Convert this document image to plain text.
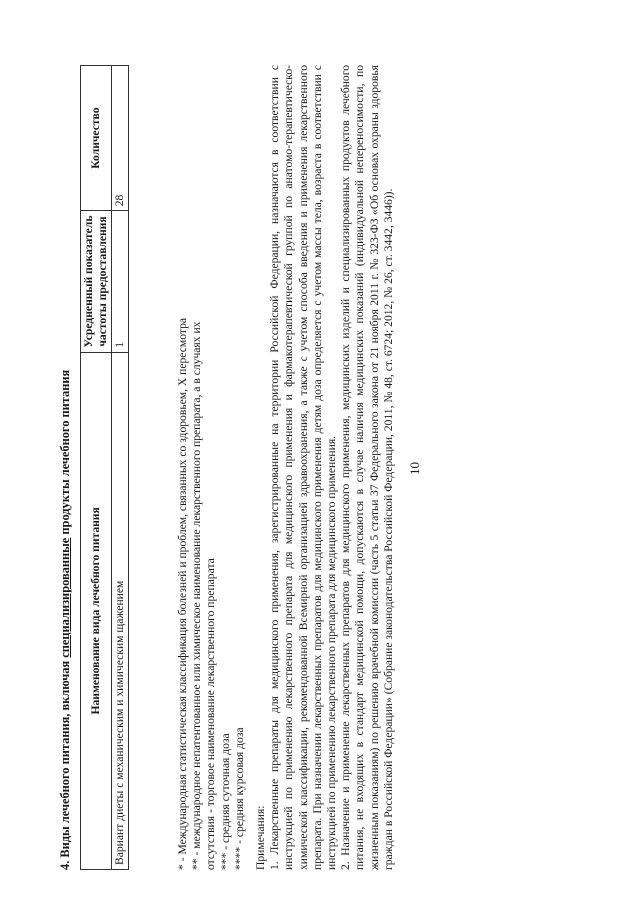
10
4. Виды лечебного питания, включая специализированные продукты лечебного питания
Наименование вида лечебного питания	Усредненный показатель частоты предоставления	Количество
Вариант диеты с механическим и химическим щажением	1	28
* - Международная статистическая классификация болезней и проблем, связанных со здоровьем, X пересмотра ** - международное непатентованное или химическое наименование лекарственного препарата, а в случаях их отсутствия - торговое наименование лекарственного препарата *** - средняя суточная доза **** - средняя курсовая доза Примечания: 1. Лекарственные препараты для медицинского применения, зарегистрированные на территории Российской Федерации, назначаются в соответствии с инструкцией по применению лекарственного препарата для медицинского применения и фармакотерапевтической группой по анатомо-терапевтическо-химической классификации, рекомендованной Всемирной организацией здравоохранения, а также с учетом способа введения и применения лекарственного препарата. При назначении лекарственных препаратов для медицинского применения детям доза определяется с учетом массы тела, возраста в соответствии с инструкцией по применению лекарственного препарата для медицинского применения. 2. Назначение и применение лекарственных препаратов для медицинского применения, медицинских изделий и специализированных продуктов лечебного питания, не входящих в стандарт медицинской помощи, допускаются в случае наличия медицинских показаний (индивидуальной непереносимости, по жизненным показаниям) по решению врачебной комиссии (часть 5 статьи 37 Федерального закона от 21 ноября 2011 г. № 323-ФЗ «Об основах охраны здоровья граждан в Российской Федерации» (Собрание законодательства Российской Федерации, 2011, № 48, ст. 6724; 2012, № 26, ст. 3442, 3446)).
